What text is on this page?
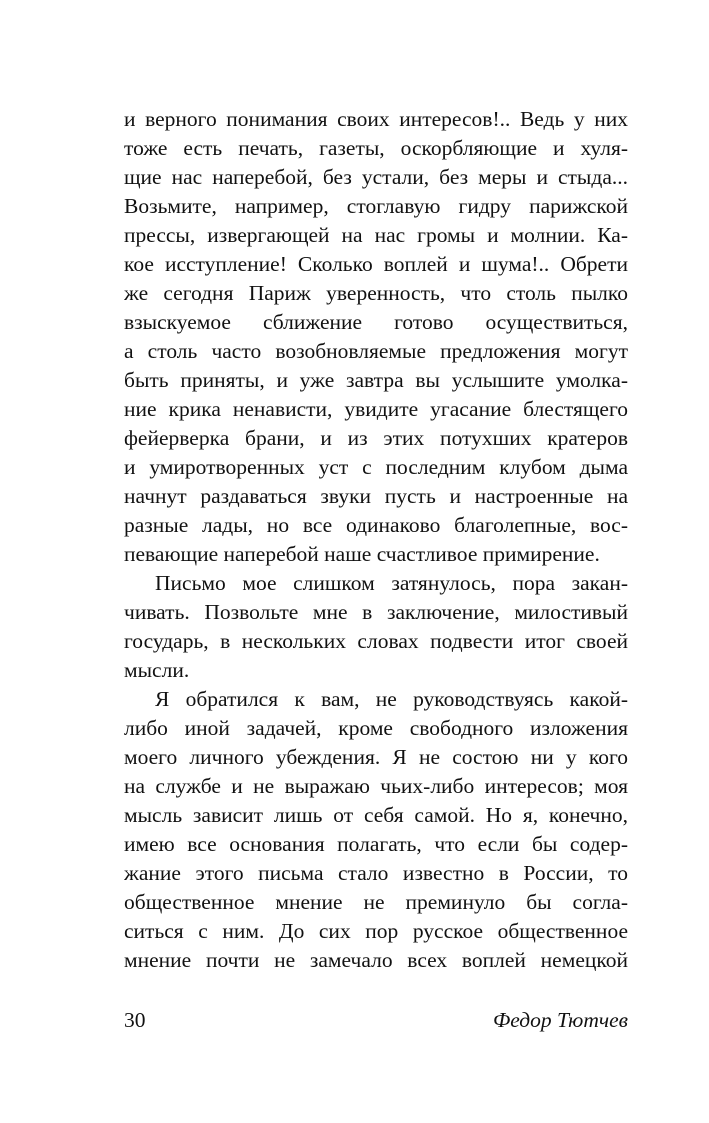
и верного понимания своих интересов!.. Ведь у них
тоже есть печать, газеты, оскорбляющие и хуля-
щие нас наперебой, без устали, без меры и стыда...
Возьмите, например, стоглавую гидру парижской
прессы, извергающей на нас громы и молнии. Ка-
кое исступление! Сколько воплей и шума!.. Обрети
же сегодня Париж уверенность, что столь пылко
взыскуемое сближение готово осуществиться,
а столь часто возобновляемые предложения могут
быть приняты, и уже завтра вы услышите умолка-
ние крика ненависти, увидите угасание блестящего
фейерверка брани, и из этих потухших кратеров
и умиротворенных уст с последним клубом дыма
начнут раздаваться звуки пусть и настроенные на
разные лады, но все одинаково благолепные, вос-
певающие наперебой наше счастливое примирение.
Письмо мое слишком затянулось, пора закан-
чивать. Позвольте мне в заключение, милостивый
государь, в нескольких словах подвести итог своей
мысли.
Я обратился к вам, не руководствуясь какой-
либо иной задачей, кроме свободного изложения
моего личного убеждения. Я не состою ни у кого
на службе и не выражаю чьих-либо интересов; моя
мысль зависит лишь от себя самой. Но я, конечно,
имею все основания полагать, что если бы содер-
жание этого письма стало известно в России, то
общественное мнение не преминуло бы согла-
ситься с ним. До сих пор русское общественное
мнение почти не замечало всех воплей немецкой
30	Федор Тютчев
